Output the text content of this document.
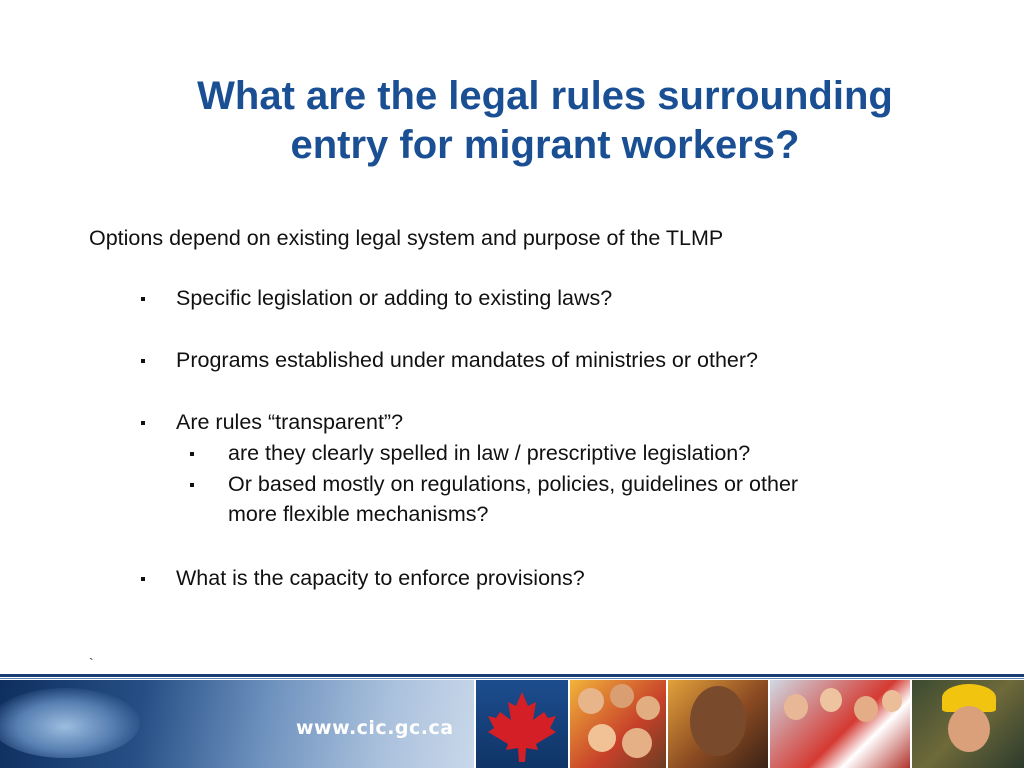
What are the legal rules surrounding
entry for migrant workers?
Options depend on existing legal system and purpose of the TLMP
Specific legislation or adding to existing laws?
Programs established under mandates of ministries or other?
Are rules “transparent”?
are they clearly spelled in law / prescriptive legislation?
Or based mostly on regulations, policies, guidelines or other
more flexible mechanisms?
What is the capacity to enforce provisions?
`
www.cic.gc.ca
